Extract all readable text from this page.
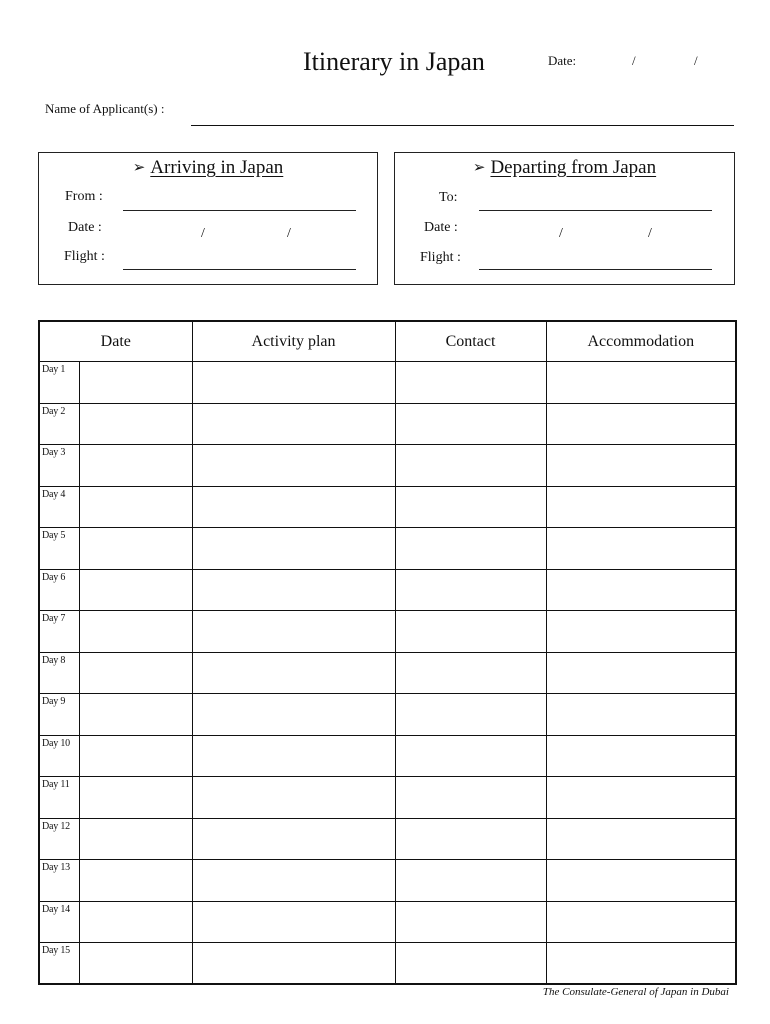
Itinerary in Japan	Date:	/	/
Name of Applicant(s) :
➢ Arriving in Japan
From :
Date :	/	/
Flight :
➢ Departing from Japan
To:
Date :	/	/
Flight :
Date		Activity plan	Contact	Accommodation
Day 1				
Day 2				
Day 3				
Day 4				
Day 5				
Day 6				
Day 7				
Day 8				
Day 9				
Day 10				
Day 11				
Day 12				
Day 13				
Day 14				
Day 15				
The Consulate-General of Japan in Dubai
